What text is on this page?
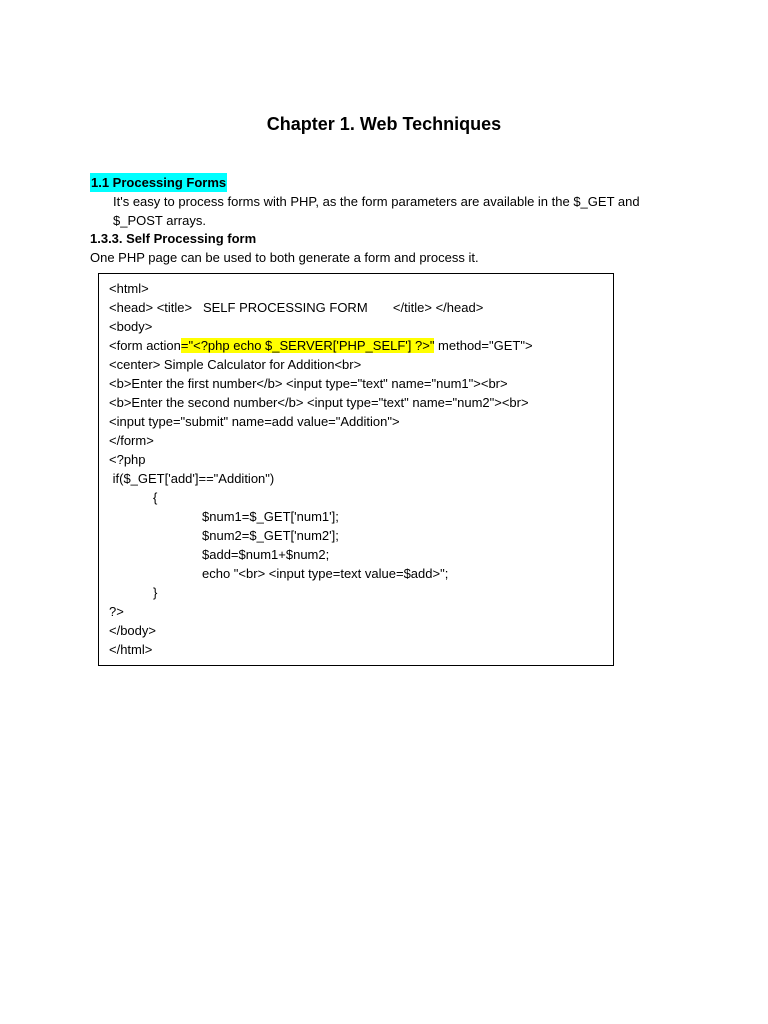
Chapter 1. Web Techniques
1.1 Processing Forms
It's easy to process forms with PHP, as the form parameters are available in the $_GET and $_POST arrays.
1.3.3. Self Processing form
One PHP page can be used to both generate a form and process it.
<html>
<head> <title>   SELF PROCESSING FORM       </title> </head>
<body>
<form action="<?php echo $_SERVER['PHP_SELF'] ?>" method="GET">
<center> Simple Calculator for Addition<br>
<b>Enter the first number</b> <input type="text" name="num1"><br>
<b>Enter the second number</b> <input type="text" name="num2"><br>
<input type="submit" name=add value="Addition">
</form>
<?php
if($_GET['add']=="Addition")
{
$num1=$_GET['num1'];
$num2=$_GET['num2'];
$add=$num1+$num2;
echo "<br> <input type=text value=$add>";
}
?>
</body>
</html>
